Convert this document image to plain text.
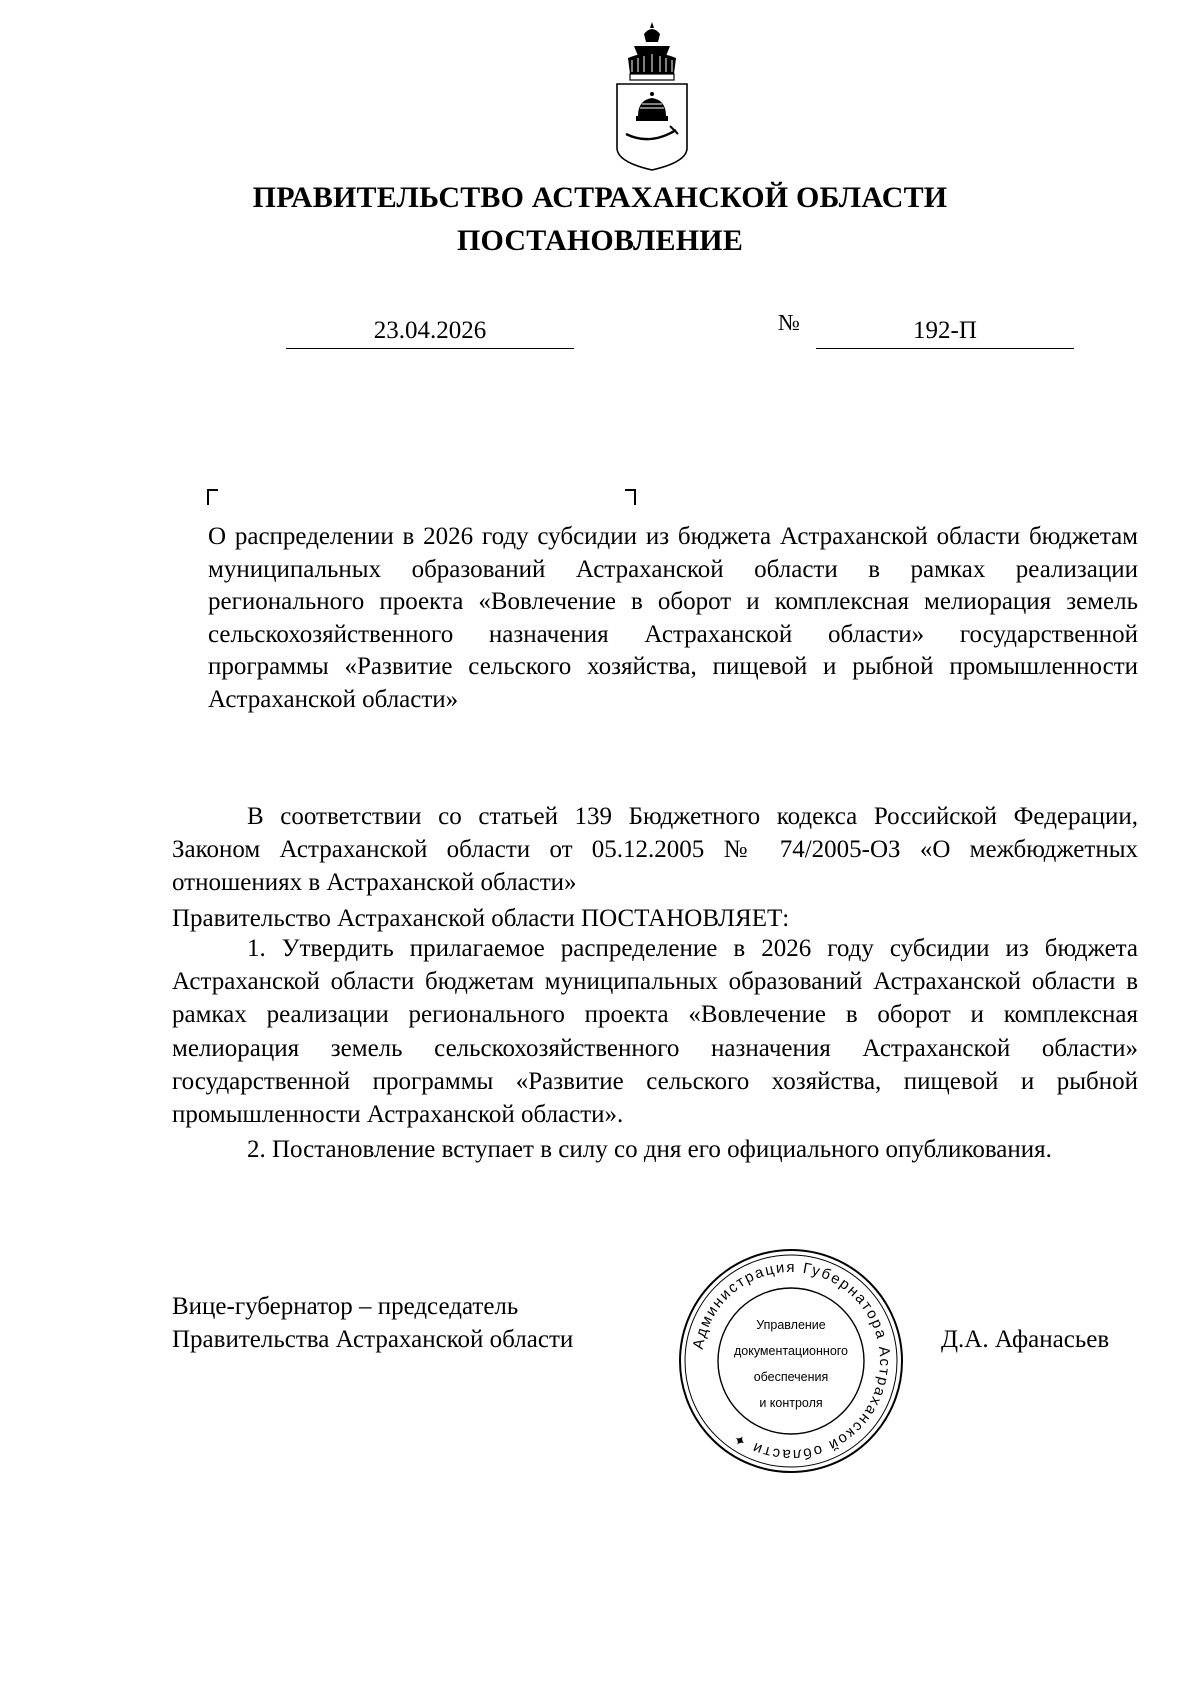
ПРАВИТЕЛЬСТВО АСТРАХАНСКОЙ ОБЛАСТИ
ПОСТАНОВЛЕНИЕ
23.04.2026	№	192-П

О распределении в 2026 году субсидии из бюджета Астраханской области бюджетам муниципальных образований Астраханской области в рамках реализации регионального проекта «Вовлечение в оборот и комплексная мелиорация земель сельскохозяйственного назначения Астраханской области» государственной программы «Развитие сельского хозяйства, пищевой и рыбной промышленности Астраханской области»

В соответствии со статьей 139 Бюджетного кодекса Российской Федерации, Законом Астраханской области от 05.12.2005 № 74/2005-ОЗ «О межбюджетных отношениях в Астраханской области»

Правительство Астраханской области ПОСТАНОВЛЯЕТ:

1. Утвердить прилагаемое распределение в 2026 году субсидии из бюджета Астраханской области бюджетам муниципальных образований Астраханской области в рамках реализации регионального проекта «Вовлечение в оборот и комплексная мелиорация земель сельскохозяйственного назначения Астраханской области» государственной программы «Развитие сельского хозяйства, пищевой и рыбной промышленности Астраханской области».

2. Постановление вступает в силу со дня его официального опубликования.

Вице-губернатор – председатель

Правительства Астраханской области	Д.А. Афанасьев

Администрация Губернатора Астраханской области ✦
Управление
документационного
обеспечения
и контроля
